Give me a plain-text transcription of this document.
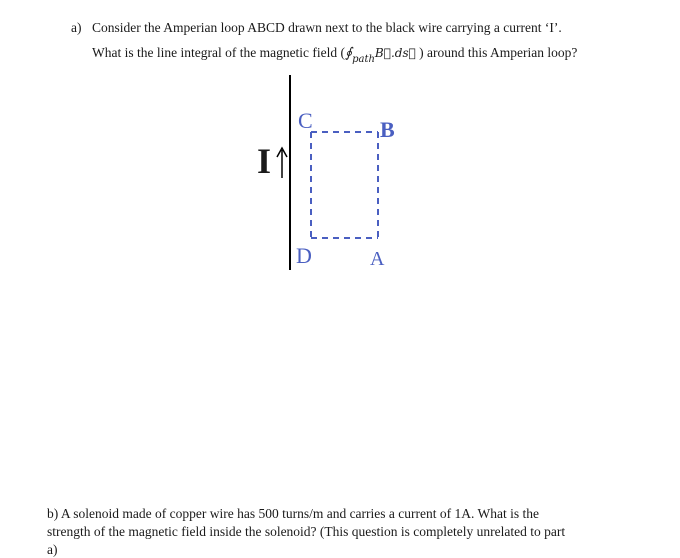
a) Consider the Amperian loop ABCD drawn next to the black wire carrying a current ‘I’.
What is the line integral of the magnetic field ($∮_{path}B⃗.ds⃗$ ) around this Amperian loop?
I
C	B
D	A
b) A solenoid made of copper wire has 500 turns/m and carries a current of 1A. What is the
strength of the magnetic field inside the solenoid? (This question is completely unrelated to part
a)
